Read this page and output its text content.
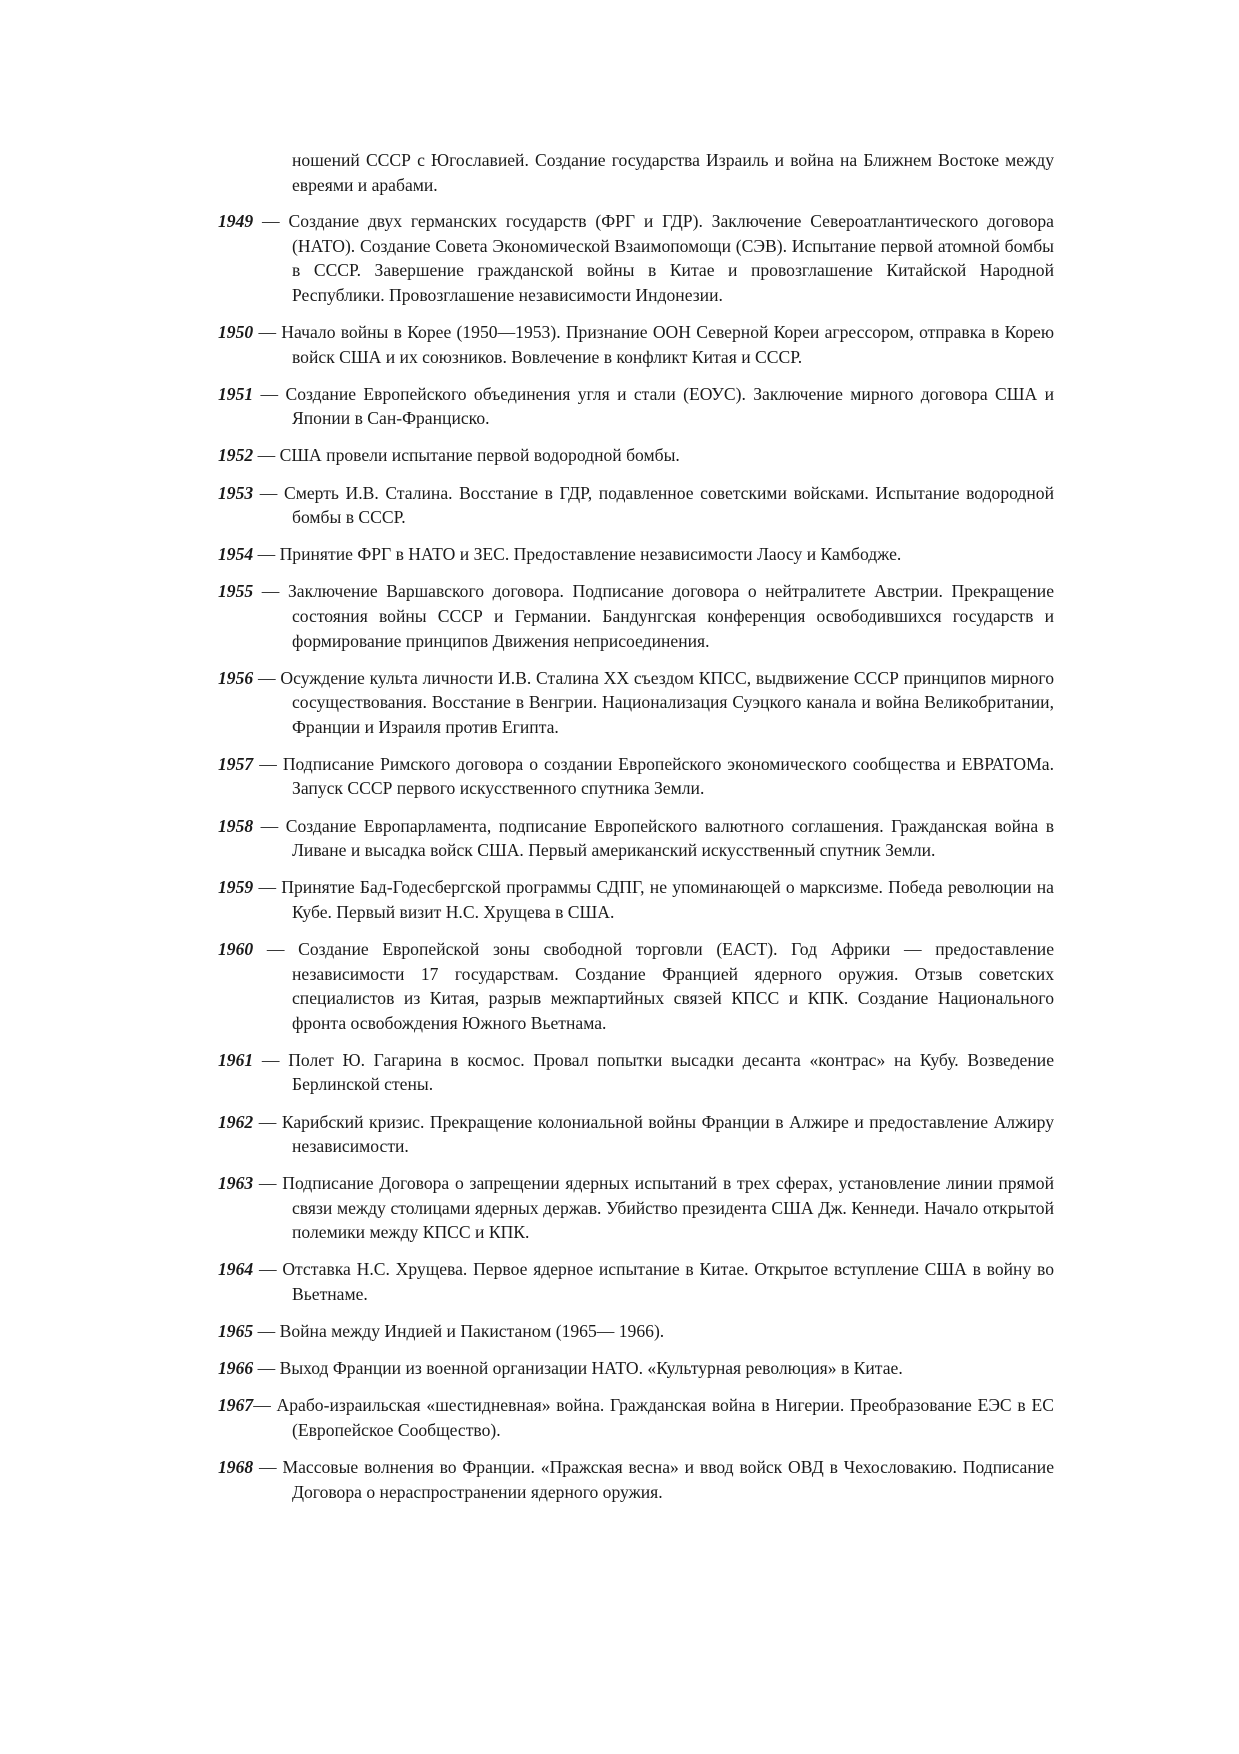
ношений СССР с Югославией. Создание государства Израиль и война на Ближнем Востоке между евреями и арабами.

1949 — Создание двух германских государств (ФРГ и ГДР). Заключение Североатлантического договора (НАТО). Создание Совета Экономической Взаимопомощи (СЭВ). Испытание первой атомной бомбы в СССР. Завершение гражданской войны в Китае и провозглашение Китайской Народной Республики. Провозглашение независимости Индонезии.

1950 — Начало войны в Корее (1950—1953). Признание ООН Северной Кореи агрессором, отправка в Корею войск США и их союзников. Вовлечение в конфликт Китая и СССР.

1951 — Создание Европейского объединения угля и стали (ЕОУС). Заключение мирного договора США и Японии в Сан-Франциско.

1952 — США провели испытание первой водородной бомбы.

1953 — Смерть И.В. Сталина. Восстание в ГДР, подавленное советскими войсками. Испытание водородной бомбы в СССР.

1954 — Принятие ФРГ в НАТО и ЗЕС. Предоставление независимости Лаосу и Камбодже.

1955 — Заключение Варшавского договора. Подписание договора о нейтралитете Австрии. Прекращение состояния войны СССР и Германии. Бандунгская конференция освободившихся государств и формирование принципов Движения неприсоединения.

1956 — Осуждение культа личности И.В. Сталина XX съездом КПСС, выдвижение СССР принципов мирного сосуществования. Восстание в Венгрии. Национализация Суэцкого канала и война Великобритании, Франции и Израиля против Египта.

1957 — Подписание Римского договора о создании Европейского экономического сообщества и ЕВРАТОМа. Запуск СССР первого искусственного спутника Земли.

1958 — Создание Европарламента, подписание Европейского валютного соглашения. Гражданская война в Ливане и высадка войск США. Первый американский искусственный спутник Земли.

1959 — Принятие Бад-Годесбергской программы СДПГ, не упоминающей о марксизме. Победа революции на Кубе. Первый визит Н.С. Хрущева в США.

1960 — Создание Европейской зоны свободной торговли (ЕАСТ). Год Африки — предоставление независимости 17 государствам. Создание Францией ядерного оружия. Отзыв советских специалистов из Китая, разрыв межпартийных связей КПСС и КПК. Создание Национального фронта освобождения Южного Вьетнама.

1961 — Полет Ю. Гагарина в космос. Провал попытки высадки десанта «контрас» на Кубу. Возведение Берлинской стены.

1962 — Карибский кризис. Прекращение колониальной войны Франции в Алжире и предоставление Алжиру независимости.

1963 — Подписание Договора о запрещении ядерных испытаний в трех сферах, установление линии прямой связи между столицами ядерных держав. Убийство президента США Дж. Кеннеди. Начало открытой полемики между КПСС и КПК.

1964 — Отставка Н.С. Хрущева. Первое ядерное испытание в Китае. Открытое вступление США в войну во Вьетнаме.

1965 — Война между Индией и Пакистаном (1965— 1966).

1966 — Выход Франции из военной организации НАТО. «Культурная революция» в Китае.

1967— Арабо-израильская «шестидневная» война. Гражданская война в Нигерии. Преобразование ЕЭС в ЕС (Европейское Сообщество).

1968 — Массовые волнения во Франции. «Пражская весна» и ввод войск ОВД в Чехословакию. Подписание Договора о нераспространении ядерного оружия.
